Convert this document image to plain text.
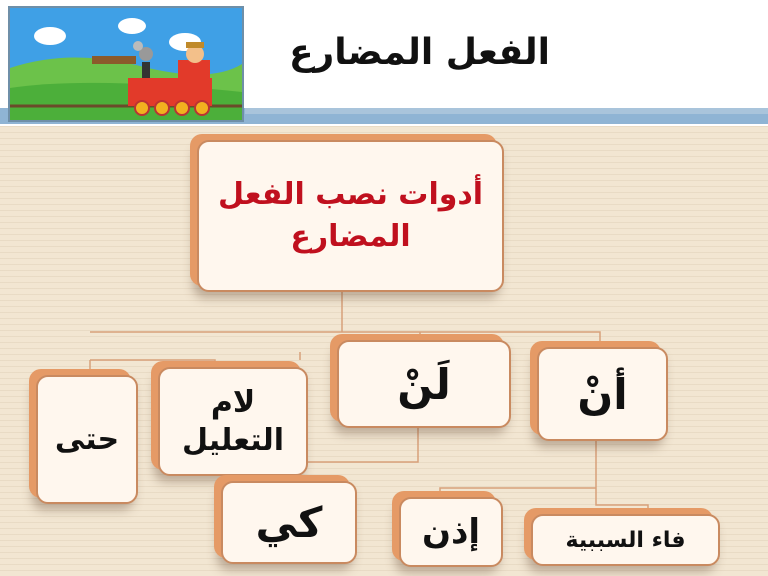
الفعل المضارع
أدوات نصب الفعل
المضارع
أنْ
لَنْ
لام
التعليل
حتى
كي	إذن	فاء السببية
